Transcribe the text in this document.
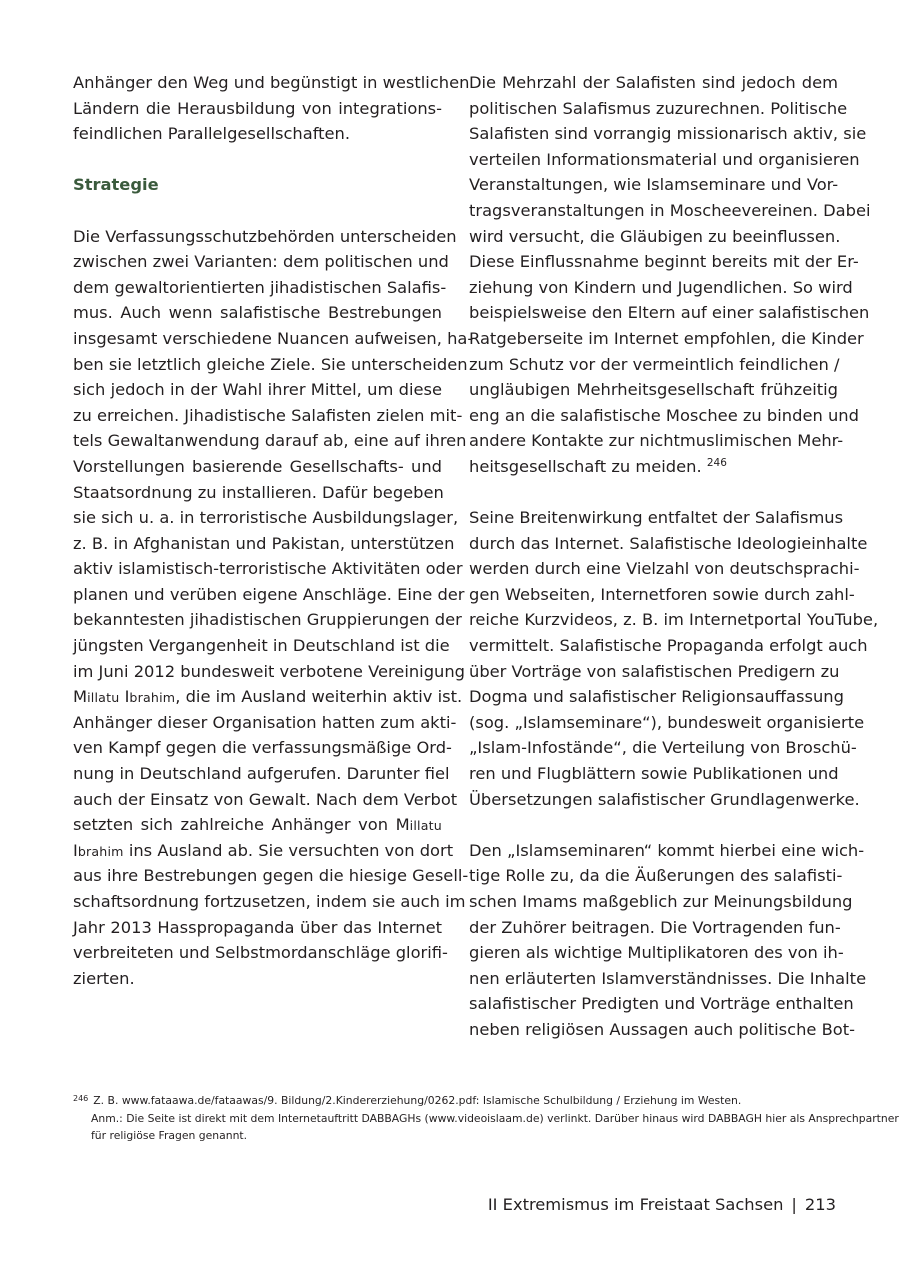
Anhänger den Weg und begünstigt in westlichen
Ländern die Herausbildung von integrations-
feindlichen Parallelgesellschaften.
Strategie
Die Verfassungsschutzbehörden unterscheiden
zwischen zwei Varianten: dem politischen und
dem gewaltorientierten jihadistischen Salafis-
mus. Auch wenn salafistische Bestrebungen
insgesamt verschiedene Nuancen aufweisen, ha-
ben sie letztlich gleiche Ziele. Sie unterscheiden
sich jedoch in der Wahl ihrer Mittel, um diese
zu erreichen. Jihadistische Salafisten zielen mit-
tels Gewaltanwendung darauf ab, eine auf ihren
Vorstellungen basierende Gesellschafts- und
Staatsordnung zu installieren. Dafür begeben
sie sich u. a. in terroristische Ausbildungslager,
z. B. in Afghanistan und Pakistan, unterstützen
aktiv islamistisch-terroristische Aktivitäten oder
planen und verüben eigene Anschläge. Eine der
bekanntesten jihadistischen Gruppierungen der
jüngsten Vergangenheit in Deutschland ist die
im Juni 2012 bundesweit verbotene Vereinigung
Millatu Ibrahim, die im Ausland weiterhin aktiv ist.
Anhänger dieser Organisation hatten zum akti-
ven Kampf gegen die verfassungsmäßige Ord-
nung in Deutschland aufgerufen. Darunter fiel
auch der Einsatz von Gewalt. Nach dem Verbot
setzten sich zahlreiche Anhänger von Millatu
Ibrahim ins Ausland ab. Sie versuchten von dort
aus ihre Bestrebungen gegen die hiesige Gesell-
schaftsordnung fortzusetzen, indem sie auch im
Jahr 2013 Hasspropaganda über das Internet
verbreiteten und Selbstmordanschläge glorifi-
zierten.
Die Mehrzahl der Salafisten sind jedoch dem
politischen Salafismus zuzurechnen. Politische
Salafisten sind vorrangig missionarisch aktiv, sie
verteilen Informationsmaterial und organisieren
Veranstaltungen, wie Islamseminare und Vor-
tragsveranstaltungen in Moscheevereinen. Dabei
wird versucht, die Gläubigen zu beeinflussen.
Diese Einflussnahme beginnt bereits mit der Er-
ziehung von Kindern und Jugendlichen. So wird
beispielsweise den Eltern auf einer salafistischen
Ratgeberseite im Internet empfohlen, die Kinder
zum Schutz vor der vermeintlich feindlichen /
ungläubigen Mehrheitsgesellschaft frühzeitig
eng an die salafistische Moschee zu binden und
andere Kontakte zur nichtmuslimischen Mehr-
heitsgesellschaft zu meiden. $^{246}$
Seine Breitenwirkung entfaltet der Salafismus
durch das Internet. Salafistische Ideologieinhalte
werden durch eine Vielzahl von deutschsprachi-
gen Webseiten, Internetforen sowie durch zahl-
reiche Kurzvideos, z. B. im Internetportal YouTube,
vermittelt. Salafistische Propaganda erfolgt auch
über Vorträge von salafistischen Predigern zu
Dogma und salafistischer Religionsauffassung
(sog. „Islamseminare“), bundesweit organisierte
„Islam-Infostände“, die Verteilung von Broschü-
ren und Flugblättern sowie Publikationen und
Übersetzungen salafistischer Grundlagenwerke.
Den „Islamseminaren“ kommt hierbei eine wich-
tige Rolle zu, da die Äußerungen des salafisti-
schen Imams maßgeblich zur Meinungsbildung
der Zuhörer beitragen. Die Vortragenden fun-
gieren als wichtige Multiplikatoren des von ih-
nen erläuterten Islamverständnisses. Die Inhalte
salafistischer Predigten und Vorträge enthalten
neben religiösen Aussagen auch politische Bot-
$^{246}$ Z. B. www.fataawa.de/fataawas/9. Bildung/2.Kindererziehung/0262.pdf: Islamische Schulbildung / Erziehung im Westen.
Anm.: Die Seite ist direkt mit dem Internetauftritt DABBAGHs (www.videoislaam.de) verlinkt. Darüber hinaus wird DABBAGH hier als Ansprechpartner
für religiöse Fragen genannt.
II Extremismus im Freistaat Sachsen | 213
